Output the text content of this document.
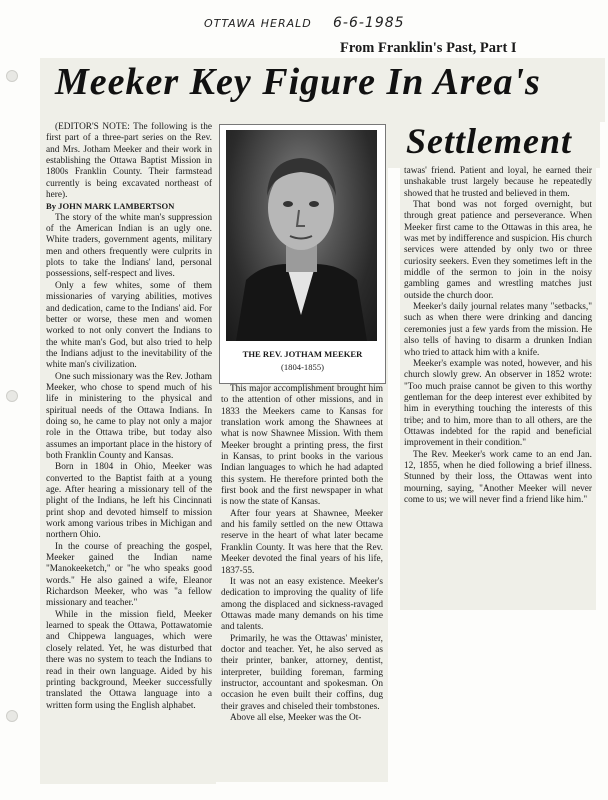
OTTAWA HERALD 6-6-1985
From Franklin's Past, Part I
Meeker Key Figure In Area's
Settlement

(EDITOR'S NOTE: The following is the first part of a three-part series on the Rev. and Mrs. Jotham Meeker and their work in establishing the Ottawa Baptist Mission in 1800s Franklin County. Their farmstead currently is being excavated northeast of here).

By JOHN MARK LAMBERTSON

The story of the white man's suppression of the American Indian is an ugly one. White traders, government agents, military men and others frequently were culprits in plots to take the Indians' land, personal possessions, self-respect and lives.

Only a few whites, some of them missionaries of varying abilities, motives and dedication, came to the Indians' aid. For better or worse, these men and women worked to not only convert the Indians to the white man's God, but also tried to help the Indians adjust to the inevitability of the white man's civilization.

One such missionary was the Rev. Jotham Meeker, who chose to spend much of his life in ministering to the physical and spiritual needs of the Ottawa Indians. In doing so, he came to play not only a major role in the Ottawa tribe, but today also assumes an important place in the history of both Franklin County and Kansas.

Born in 1804 in Ohio, Meeker was converted to the Baptist faith at a young age. After hearing a missionary tell of the plight of the Indians, he left his Cincinnati print shop and devoted himself to mission work among various tribes in Michigan and northern Ohio.

In the course of preaching the gospel, Meeker gained the Indian name "Manokeeketch," or "he who speaks good words." He also gained a wife, Eleanor Richardson Meeker, who was "a fellow missionary and teacher."

While in the mission field, Meeker learned to speak the Ottawa, Pottawatomie and Chippewa languages, which were closely related. Yet, he was disturbed that there was no system to teach the Indians to read in their own language. Aided by his printing background, Meeker successfully translated the Ottawa language into a written form using the English alphabet.

THE REV. JOTHAM MEEKER
(1804-1855)

This major accomplishment brought him to the attention of other missions, and in 1833 the Meekers came to Kansas for translation work among the Shawnees at what is now Shawnee Mission. With them Meeker brought a printing press, the first in Kansas, to print books in the various Indian languages to which he had adapted this system. He therefore printed both the first book and the first newspaper in what is now the state of Kansas.

After four years at Shawnee, Meeker and his family settled on the new Ottawa reserve in the heart of what later became Franklin County. It was here that the Rev. Meeker devoted the final years of his life, 1837-55.

It was not an easy existence. Meeker's dedication to improving the quality of life among the displaced and sickness-ravaged Ottawas made many demands on his time and talents.

Primarily, he was the Ottawas' minister, doctor and teacher. Yet, he also served as their printer, banker, attorney, dentist, interpreter, building foreman, farming instructor, accountant and spokesman. On occasion he even built their coffins, dug their graves and chiseled their tombstones.

Above all else, Meeker was the Ot-

tawas' friend. Patient and loyal, he earned their unshakable trust largely because he repeatedly showed that he trusted and believed in them.

That bond was not forged overnight, but through great patience and perseverance. When Meeker first came to the Ottawas in this area, he was met by indifference and suspicion. His church services were attended by only two or three curiosity seekers. Even they sometimes left in the middle of the sermon to join in the noisy gambling games and wrestling matches just outside the church door.

Meeker's daily journal relates many "setbacks," such as when there were drinking and dancing ceremonies just a few yards from the mission. He also tells of having to disarm a drunken Indian who tried to attack him with a knife.

Meeker's example was noted, however, and his church slowly grew. An observer in 1852 wrote: "Too much praise cannot be given to this worthy gentleman for the deep interest ever exhibited by him in everything touching the interests of this tribe; and to him, more than to all others, are the Ottawas indebted for the rapid and beneficial improvement in their condition."

The Rev. Meeker's work came to an end Jan. 12, 1855, when he died following a brief illness. Stunned by their loss, the Ottawas went into mourning, saying, "Another Meeker will never come to us; we will never find a friend like him."
